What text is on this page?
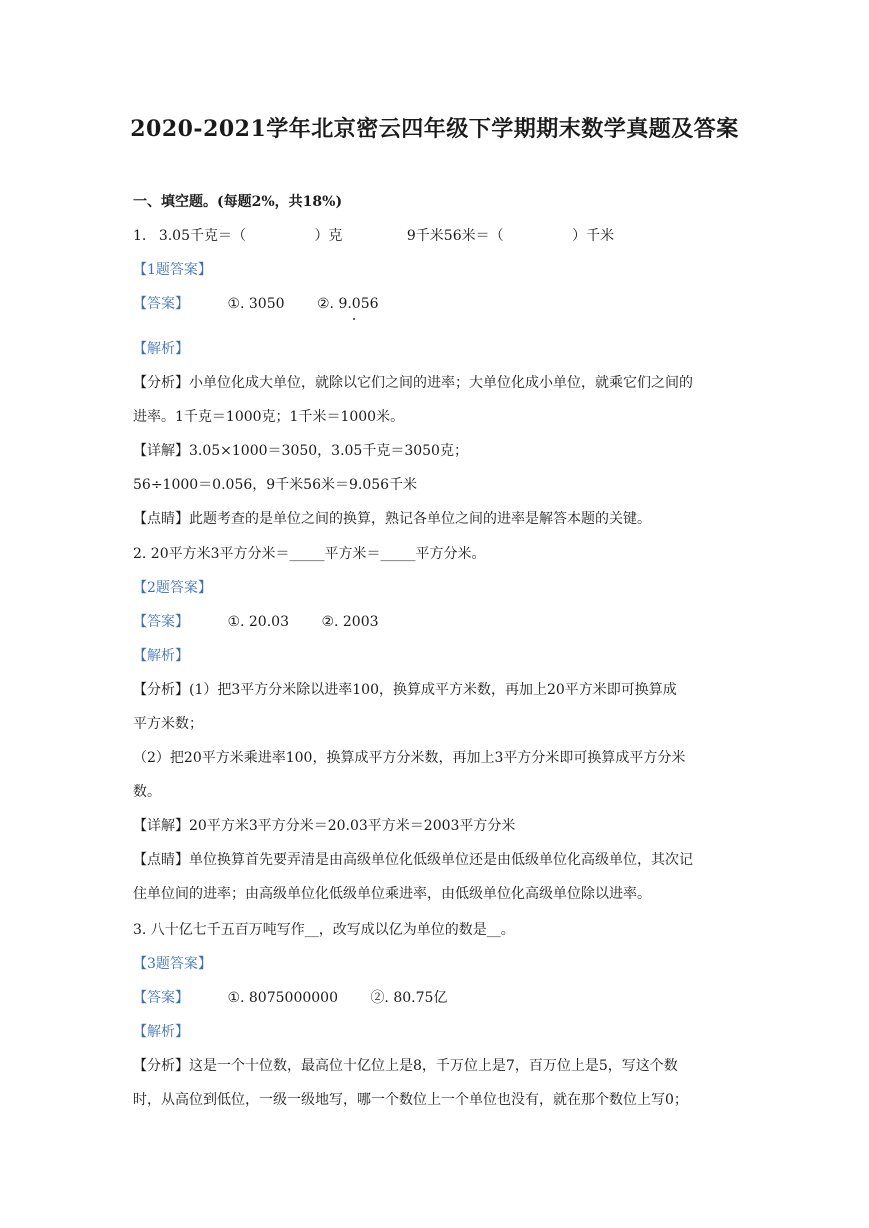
2020-2021学年北京密云四年级下学期期末数学真题及答案
一、填空题。(每题2%，共18%)
1. 3.05千克＝（	）克	9千米56米＝（	）千米
【1题答案】
【答案】	①. 3050 ②. 9.056
【解析】
【分析】小单位化成大单位，就除以它们之间的进率；大单位化成小单位，就乘它们之间的
进率。1千克＝1000克；1千米＝1000米。
【详解】3.05×1000＝3050，3.05千克＝3050克；
56÷1000＝0.056，9千米56米＝9.056千米
【点睛】此题考查的是单位之间的换算，熟记各单位之间的进率是解答本题的关键。
2. 20平方米3平方分米＝_____平方米＝_____平方分米。
【2题答案】
【答案】	①. 20.03 ②. 2003
【解析】
【分析】(1）把3平方分米除以进率100，换算成平方米数，再加上20平方米即可换算成
平方米数；
（2）把20平方米乘进率100，换算成平方分米数，再加上3平方分米即可换算成平方分米
数。
【详解】20平方米3平方分米＝20.03平方米＝2003平方分米
【点睛】单位换算首先要弄清是由高级单位化低级单位还是由低级单位化高级单位，其次记
住单位间的进率；由高级单位化低级单位乘进率，由低级单位化高级单位除以进率。
3. 八十亿七千五百万吨写作__，改写成以亿为单位的数是__。
【3题答案】
【答案】	①. 8075000000 ②. 80.75亿
【解析】
【分析】这是一个十位数，最高位十亿位上是8，千万位上是7，百万位上是5，写这个数
时，从高位到低位，一级一级地写，哪一个数位上一个单位也没有，就在那个数位上写0；
